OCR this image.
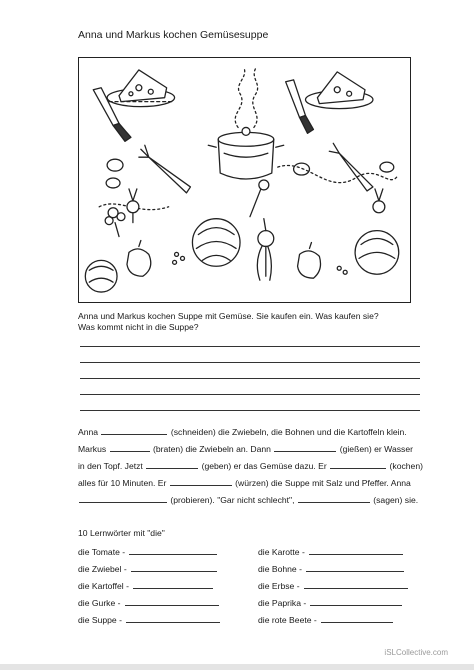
Anna und Markus kochen Gemüsesuppe
Anna und Markus kochen Suppe mit Gemüse. Sie kaufen ein. Was kaufen sie?
Was kommt nicht in die Suppe?
Anna	(schneiden) die Zwiebeln, die Bohnen und die Kartoffeln klein.
Markus	(braten) die Zwiebeln an. Dann	(gießen) er Wasser
in den Topf. Jetzt	(geben) er das Gemüse dazu. Er	(kochen)
alles für 10 Minuten. Er	(würzen) die Suppe mit Salz und Pfeffer. Anna
(probieren). "Gar nicht schlecht",	(sagen) sie.
10 Lernwörter mit "die"
die Tomate -
die Zwiebel -
die Kartoffel -
die Gurke -
die Suppe -
die Karotte -
die Bohne -
die Erbse -
die Paprika -
die rote Beete -
iSLCollective.com
